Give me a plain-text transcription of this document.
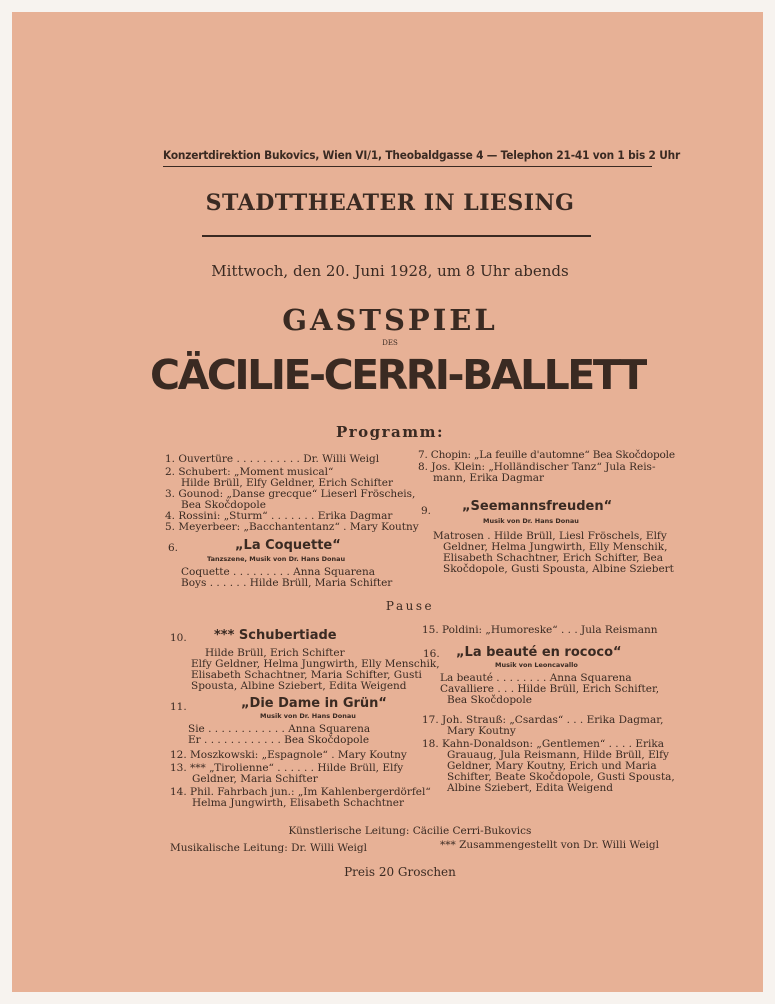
Konzertdirektion Bukovics, Wien VI/1, Theobaldgasse 4 — Telephon 21-41 von 1 bis 2 Uhr
STADTTHEATER IN LIESING
Mittwoch, den 20. Juni 1928, um 8 Uhr abends
GASTSPIEL
DES
CÄCILIE-CERRI-BALLETT
Programm:
1. Ouvertüre . . . . . . . . . . Dr. Willi Weigl
2. Schubert: „Moment musical“
Hilde Brüll, Elfy Geldner, Erich Schifter
3. Gounod: „Danse grecque“ Lieserl Fröscheis,
Bea Skočdopole
4. Rossini: „Sturm“ . . . . . . . Erika Dagmar
5. Meyerbeer: „Bacchantentanz“ . Mary Koutny
6.	„La Coquette“
Tanzszene, Musik von Dr. Hans Donau
Coquette . . . . . . . . . Anna Squarena
Boys . . . . . . Hilde Brüll, Maria Schifter
7. Chopin: „La feuille d'automne“ Bea Skočdopole
8. Jos. Klein: „Holländischer Tanz“ Jula Reis-
mann, Erika Dagmar
9. „Seemannsfreuden“
Musik von Dr. Hans Donau
Matrosen . Hilde Brüll, Liesl Fröschels, Elfy
Geldner, Helma Jungwirth, Elly Menschik,
Elisabeth Schachtner, Erich Schifter, Bea
Skočdopole, Gusti Spousta, Albine Sziebert
Pause
10. *** Schubertiade
Hilde Brüll, Erich Schifter
Elfy Geldner, Helma Jungwirth, Elly Menschik,
Elisabeth Schachtner, Maria Schifter, Gusti
Spousta, Albine Sziebert, Edita Weigend
11.	„Die Dame in Grün“
Musik von Dr. Hans Donau
Sie . . . . . . . . . . . . Anna Squarena
Er . . . . . . . . . . . . Bea Skočdopole
12. Moszkowski: „Espagnole“ . Mary Koutny
13. *** „Tirolienne“ . . . . . . Hilde Brüll, Elfy
Geldner, Maria Schifter
14. Phil. Fahrbach jun.: „Im Kahlenbergerdörfel“
Helma Jungwirth, Elisabeth Schachtner
15. Poldini: „Humoreske“ . . . Jula Reismann
16. „La beauté en rococo“
Musik von Leoncavallo
La beauté . . . . . . . . Anna Squarena
Cavalliere . . . Hilde Brüll, Erich Schifter,
Bea Skočdopole
17. Joh. Strauß: „Csardas“ . . . Erika Dagmar,
Mary Koutny
18. Kahn-Donaldson: „Gentlemen“ . . . . Erika
Grauaug, Jula Reismann, Hilde Brüll, Elfy
Geldner, Mary Koutny, Erich und Maria
Schifter, Beate Skočdopole, Gusti Spousta,
Albine Sziebert, Edita Weigend
Künstlerische Leitung: Cäcilie Cerri-Bukovics
Musikalische Leitung: Dr. Willi Weigl	*** Zusammengestellt von Dr. Willi Weigl
Preis 20 Groschen
